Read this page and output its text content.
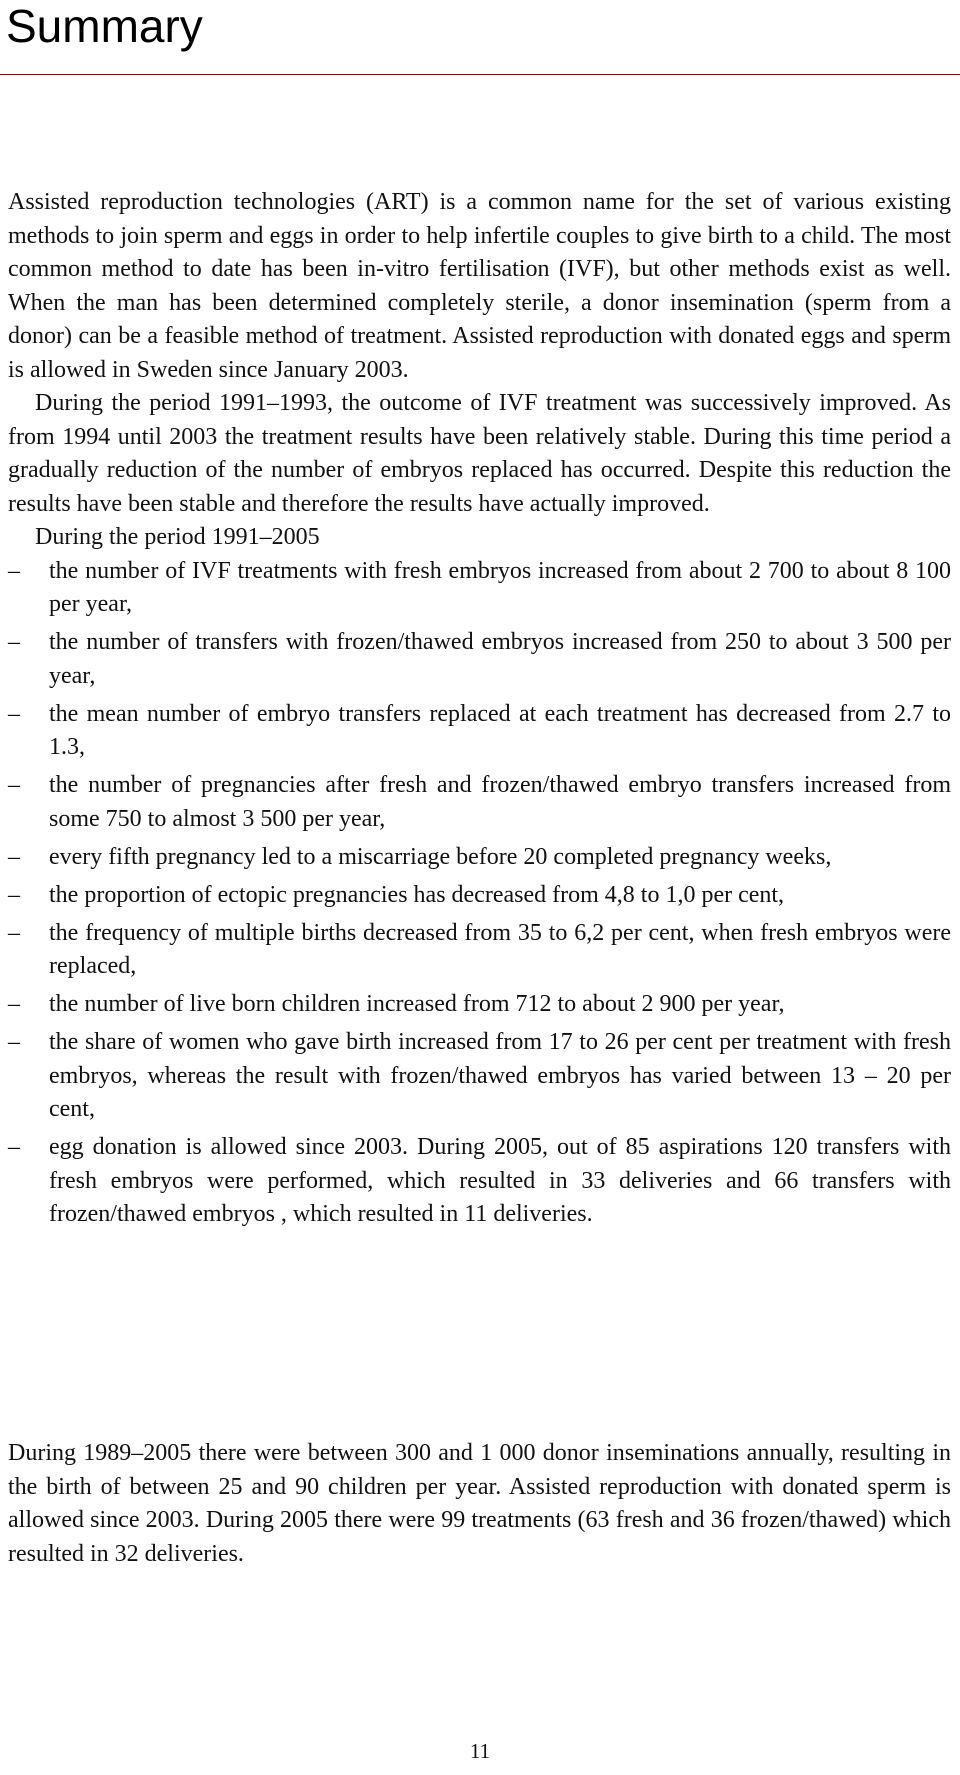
Summary

Assisted reproduction technologies (ART) is a common name for the set of various existing methods to join sperm and eggs in order to help infertile couples to give birth to a child. The most common method to date has been in-vitro fertilisation (IVF), but other methods exist as well. When the man has been determined completely sterile, a donor insemination (sperm from a donor) can be a feasible method of treatment. Assisted reproduction with donated eggs and sperm is allowed in Sweden since January 2003.

During the period 1991–1993, the outcome of IVF treatment was successively improved. As from 1994 until 2003 the treatment results have been relatively stable. During this time period a gradually reduction of the number of embryos replaced has occurred. Despite this reduction the results have been stable and therefore the results have actually improved.

During the period 1991–2005

– the number of IVF treatments with fresh embryos increased from about 2 700 to about 8 100 per year,
– the number of transfers with frozen/thawed embryos increased from 250 to about 3 500 per year,
– the mean number of embryo transfers replaced at each treatment has decreased from 2.7 to 1.3,
– the number of pregnancies after fresh and frozen/thawed embryo transfers increased from some 750 to almost 3 500 per year,
– every fifth pregnancy led to a miscarriage before 20 completed pregnancy weeks,
– the proportion of ectopic pregnancies has decreased from 4,8 to 1,0 per cent,
– the frequency of multiple births decreased from 35 to 6,2 per cent, when fresh embryos were replaced,
– the number of live born children increased from 712 to about 2 900 per year,
– the share of women who gave birth increased from 17 to 26 per cent per treatment with fresh embryos, whereas the result with frozen/thawed embryos has varied between 13 – 20 per cent,
– egg donation is allowed since 2003. During 2005, out of 85 aspirations 120 transfers with fresh embryos were performed, which resulted in 33 deliveries and 66 transfers with frozen/thawed embryos , which resulted in 11 deliveries.

During 1989–2005 there were between 300 and 1 000 donor inseminations annually, resulting in the birth of between 25 and 90 children per year. Assisted reproduction with donated sperm is allowed since 2003. During 2005 there were 99 treatments (63 fresh and 36 frozen/thawed) which resulted in 32 deliveries.

11
